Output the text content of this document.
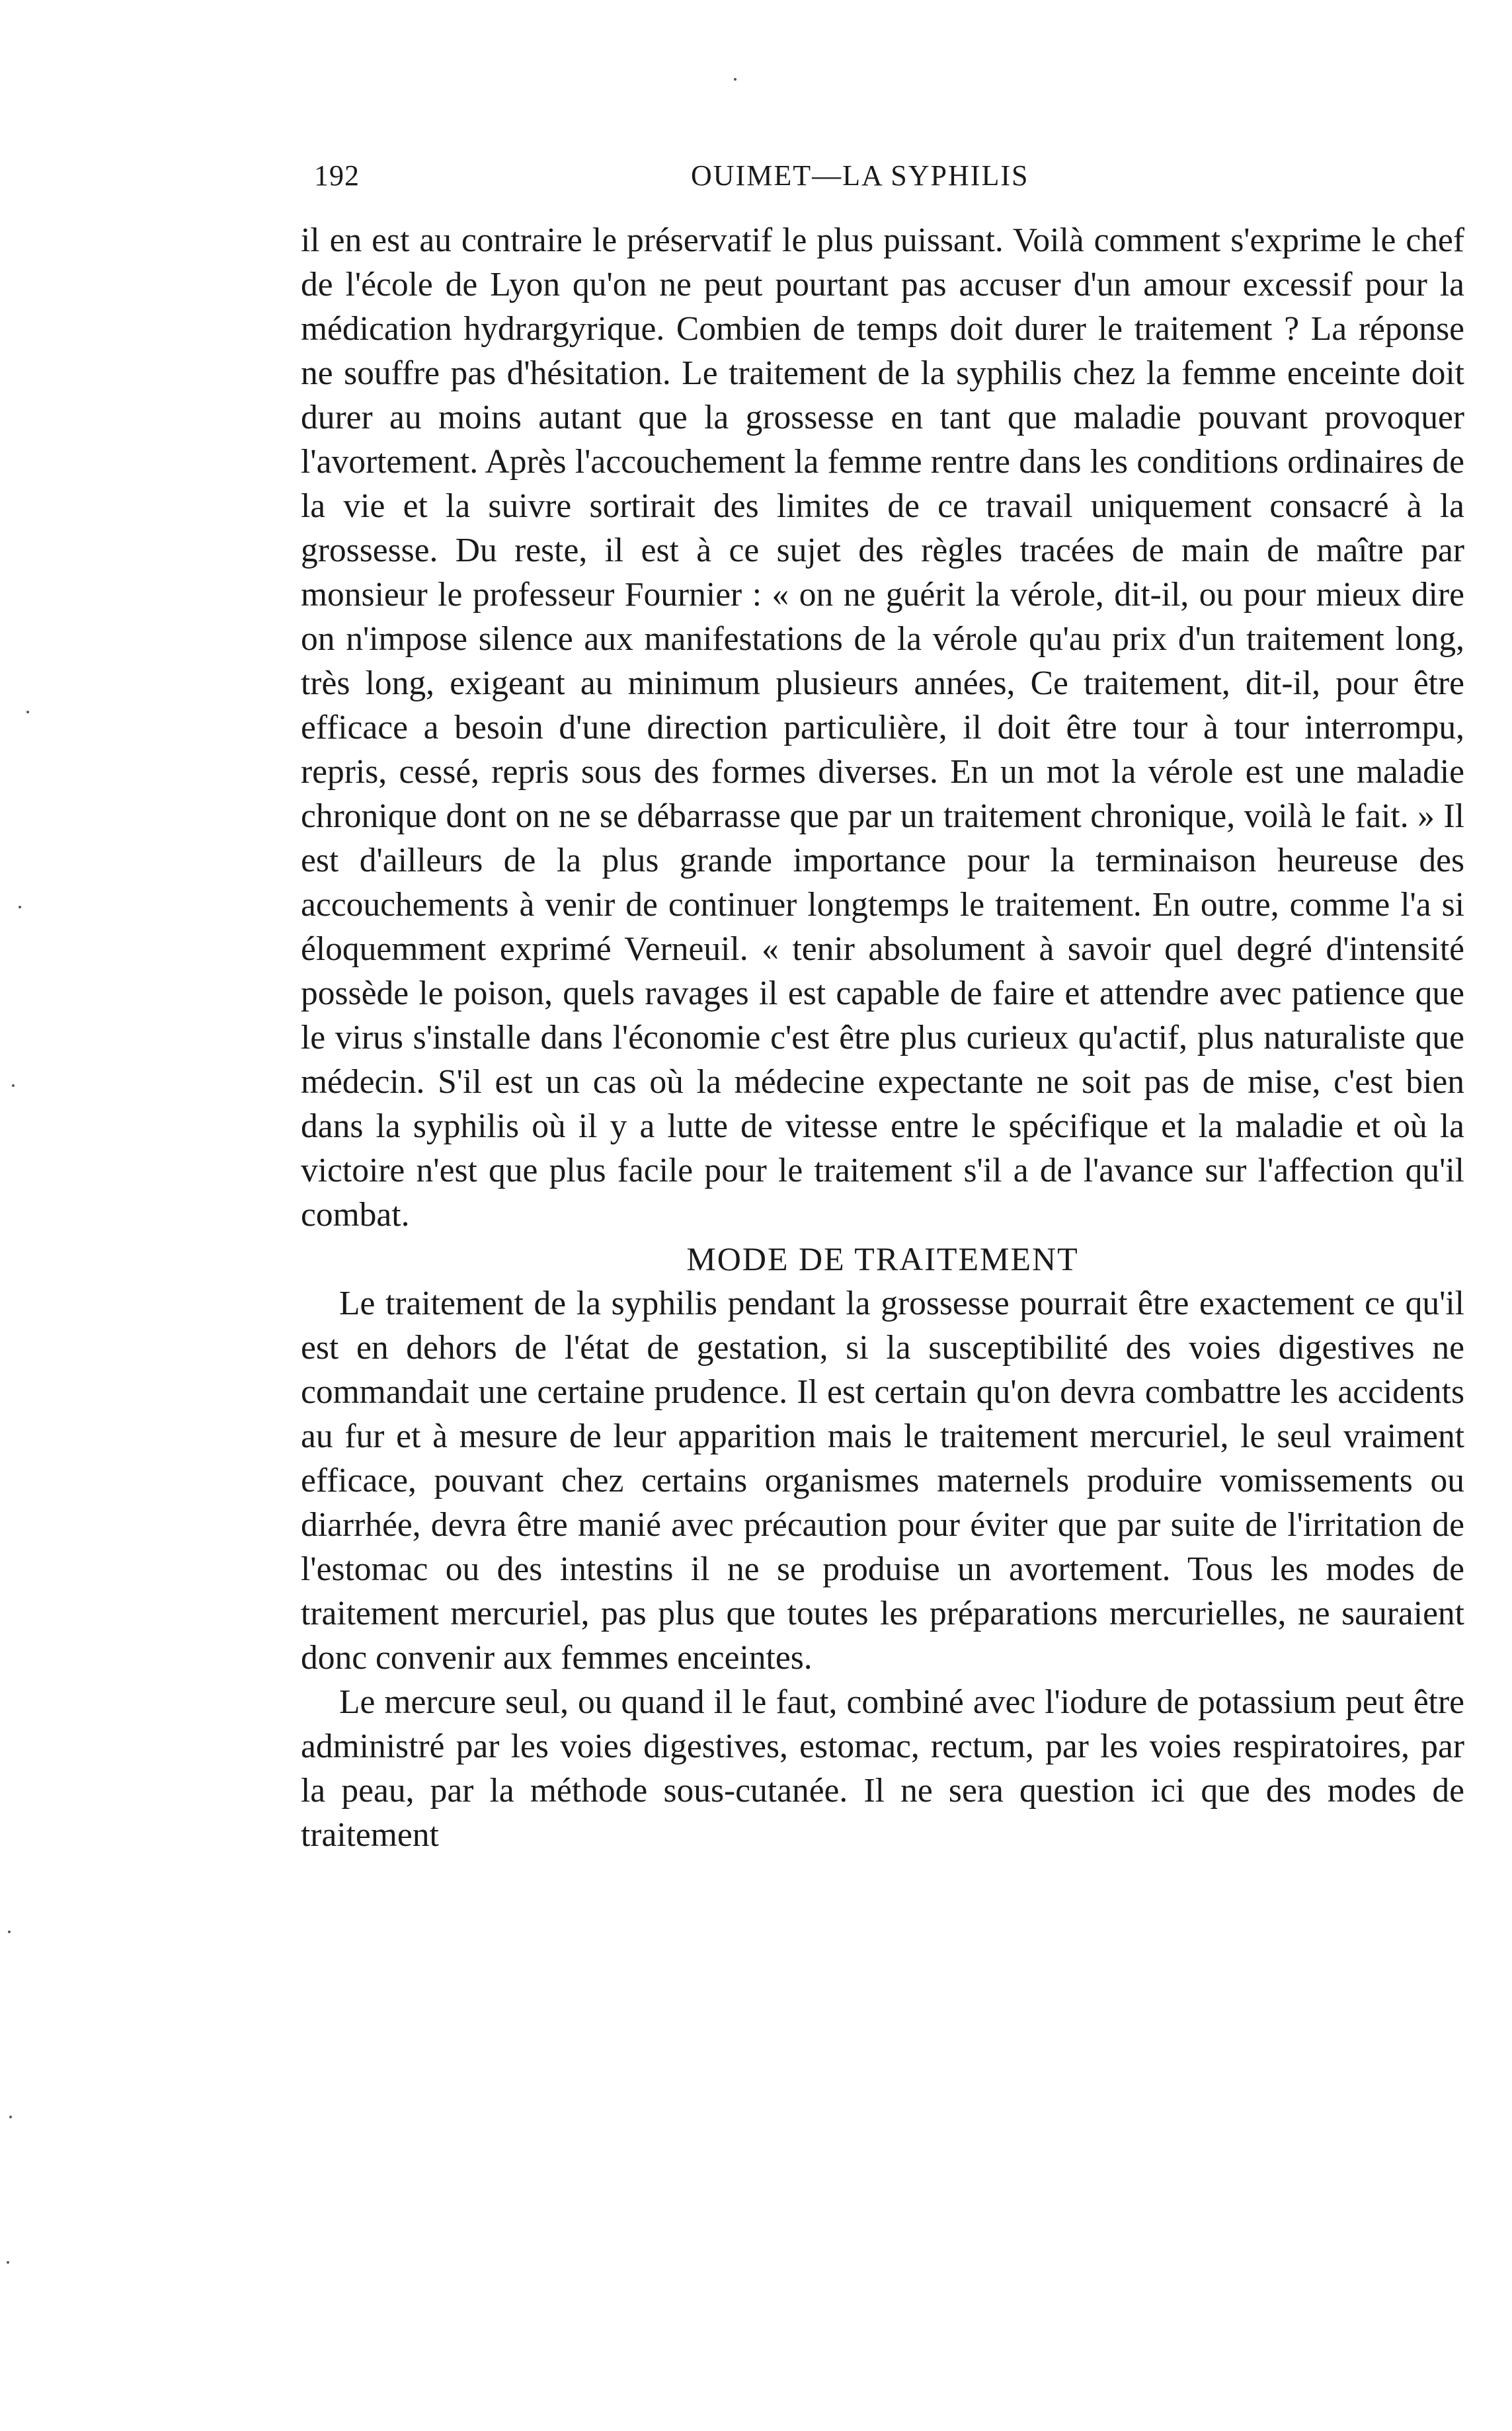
192	OUIMET—LA SYPHILIS

il en est au contraire le préservatif le plus puissant. Voilà comment s'exprime le chef de l'école de Lyon qu'on ne peut pourtant pas accuser d'un amour excessif pour la médication hydrargyrique. Combien de temps doit durer le traitement ? La réponse ne souffre pas d'hésitation. Le traitement de la syphilis chez la femme enceinte doit durer au moins autant que la grossesse en tant que maladie pouvant provoquer l'avortement. Après l'accouchement la femme rentre dans les conditions ordinaires de la vie et la suivre sortirait des limites de ce travail uniquement consacré à la grossesse. Du reste, il est à ce sujet des règles tracées de main de maître par monsieur le professeur Fournier : « on ne guérit la vérole, dit-il, ou pour mieux dire on n'impose silence aux manifestations de la vérole qu'au prix d'un traitement long, très long, exigeant au minimum plusieurs années, Ce traitement, dit-il, pour être efficace a besoin d'une direction particulière, il doit être tour à tour interrompu, repris, cessé, repris sous des formes diverses. En un mot la vérole est une maladie chronique dont on ne se débarrasse que par un traitement chronique, voilà le fait. » Il est d'ailleurs de la plus grande importance pour la terminaison heureuse des accouchements à venir de continuer longtemps le traitement. En outre, comme l'a si éloquemment exprimé Verneuil. « tenir absolument à savoir quel degré d'intensité possède le poison, quels ravages il est capable de faire et attendre avec patience que le virus s'installe dans l'économie c'est être plus curieux qu'actif, plus naturaliste que médecin. S'il est un cas où la médecine expectante ne soit pas de mise, c'est bien dans la syphilis où il y a lutte de vitesse entre le spécifique et la maladie et où la victoire n'est que plus facile pour le traitement s'il a de l'avance sur l'affection qu'il combat.

MODE DE TRAITEMENT

Le traitement de la syphilis pendant la grossesse pourrait être exactement ce qu'il est en dehors de l'état de gestation, si la susceptibilité des voies digestives ne commandait une certaine prudence. Il est certain qu'on devra combattre les accidents au fur et à mesure de leur apparition mais le traitement mercuriel, le seul vraiment efficace, pouvant chez certains organismes maternels produire vomissements ou diarrhée, devra être manié avec précaution pour éviter que par suite de l'irritation de l'estomac ou des intestins il ne se produise un avortement. Tous les modes de traitement mercuriel, pas plus que toutes les préparations mercurielles, ne sauraient donc convenir aux femmes enceintes.

Le mercure seul, ou quand il le faut, combiné avec l'iodure de potassium peut être administré par les voies digestives, estomac, rectum, par les voies respiratoires, par la peau, par la méthode sous-cutanée. Il ne sera question ici que des modes de traitement
